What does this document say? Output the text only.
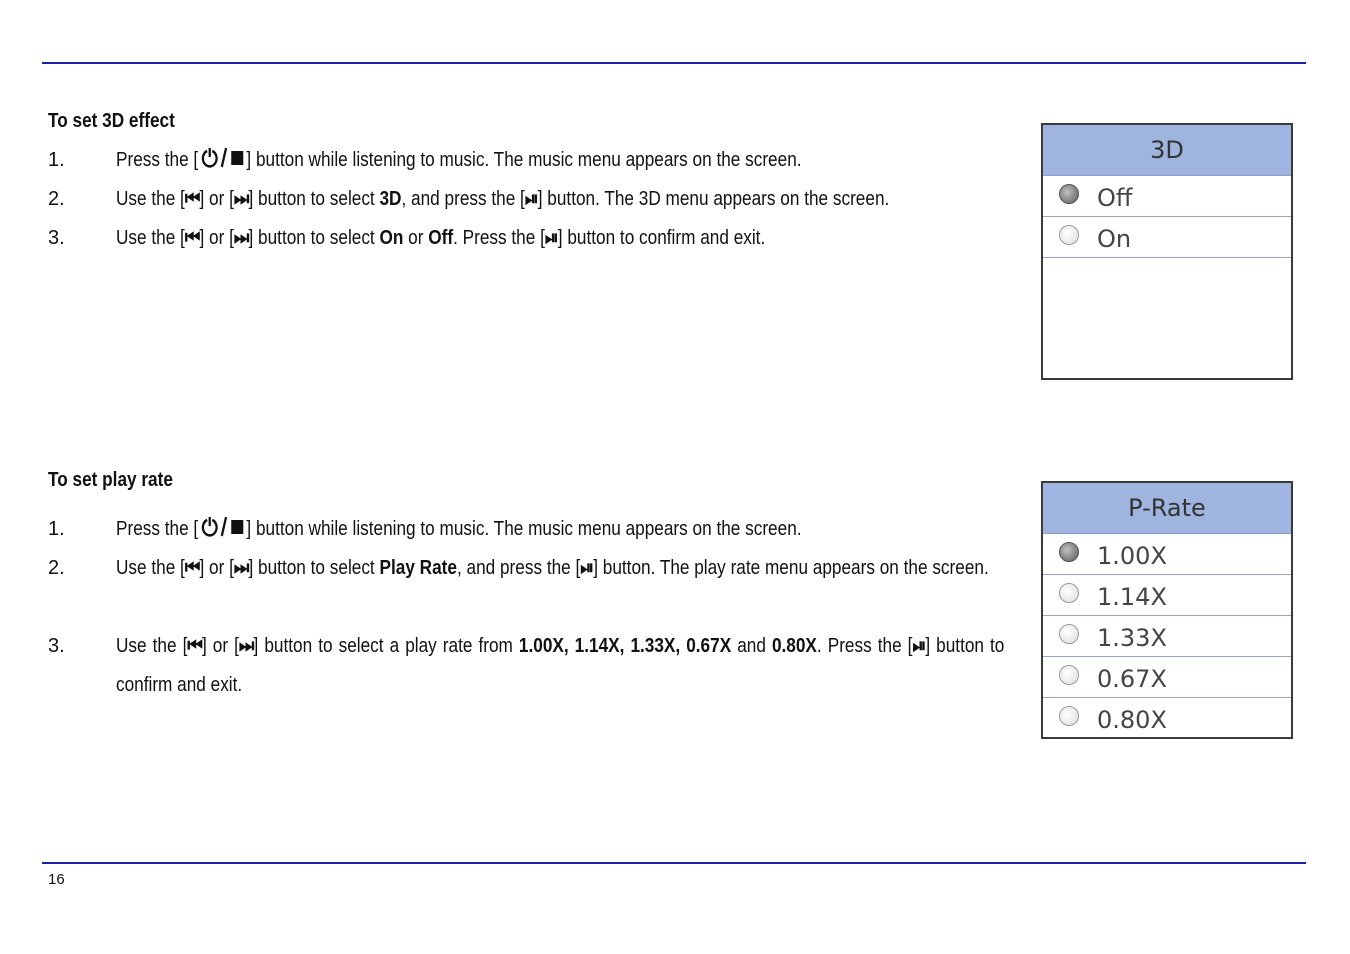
To set 3D effect
1.	Press the [ ] button while listening to music. The music menu appears on the screen.
2.	Use the [⏮] or [⏭] button to select 3D, and press the [⏯] button. The 3D menu appears on the screen.
3.	Use the [⏮] or [⏭] button to select On or Off. Press the [⏯] button to confirm and exit.
3D
Off
On
To set play rate
1.	Press the [ ] button while listening to music. The music menu appears on the screen.
2.	Use the [⏮] or [⏭] button to select Play Rate, and press the [⏯] button. The play rate menu appears on the screen.
3.	Use the [⏮] or [⏭] button to select a play rate from 1.00X, 1.14X, 1.33X, 0.67X and 0.80X. Press the [⏯] button to confirm and exit.
P-Rate
1.00X
1.14X
1.33X
0.67X
0.80X
16
